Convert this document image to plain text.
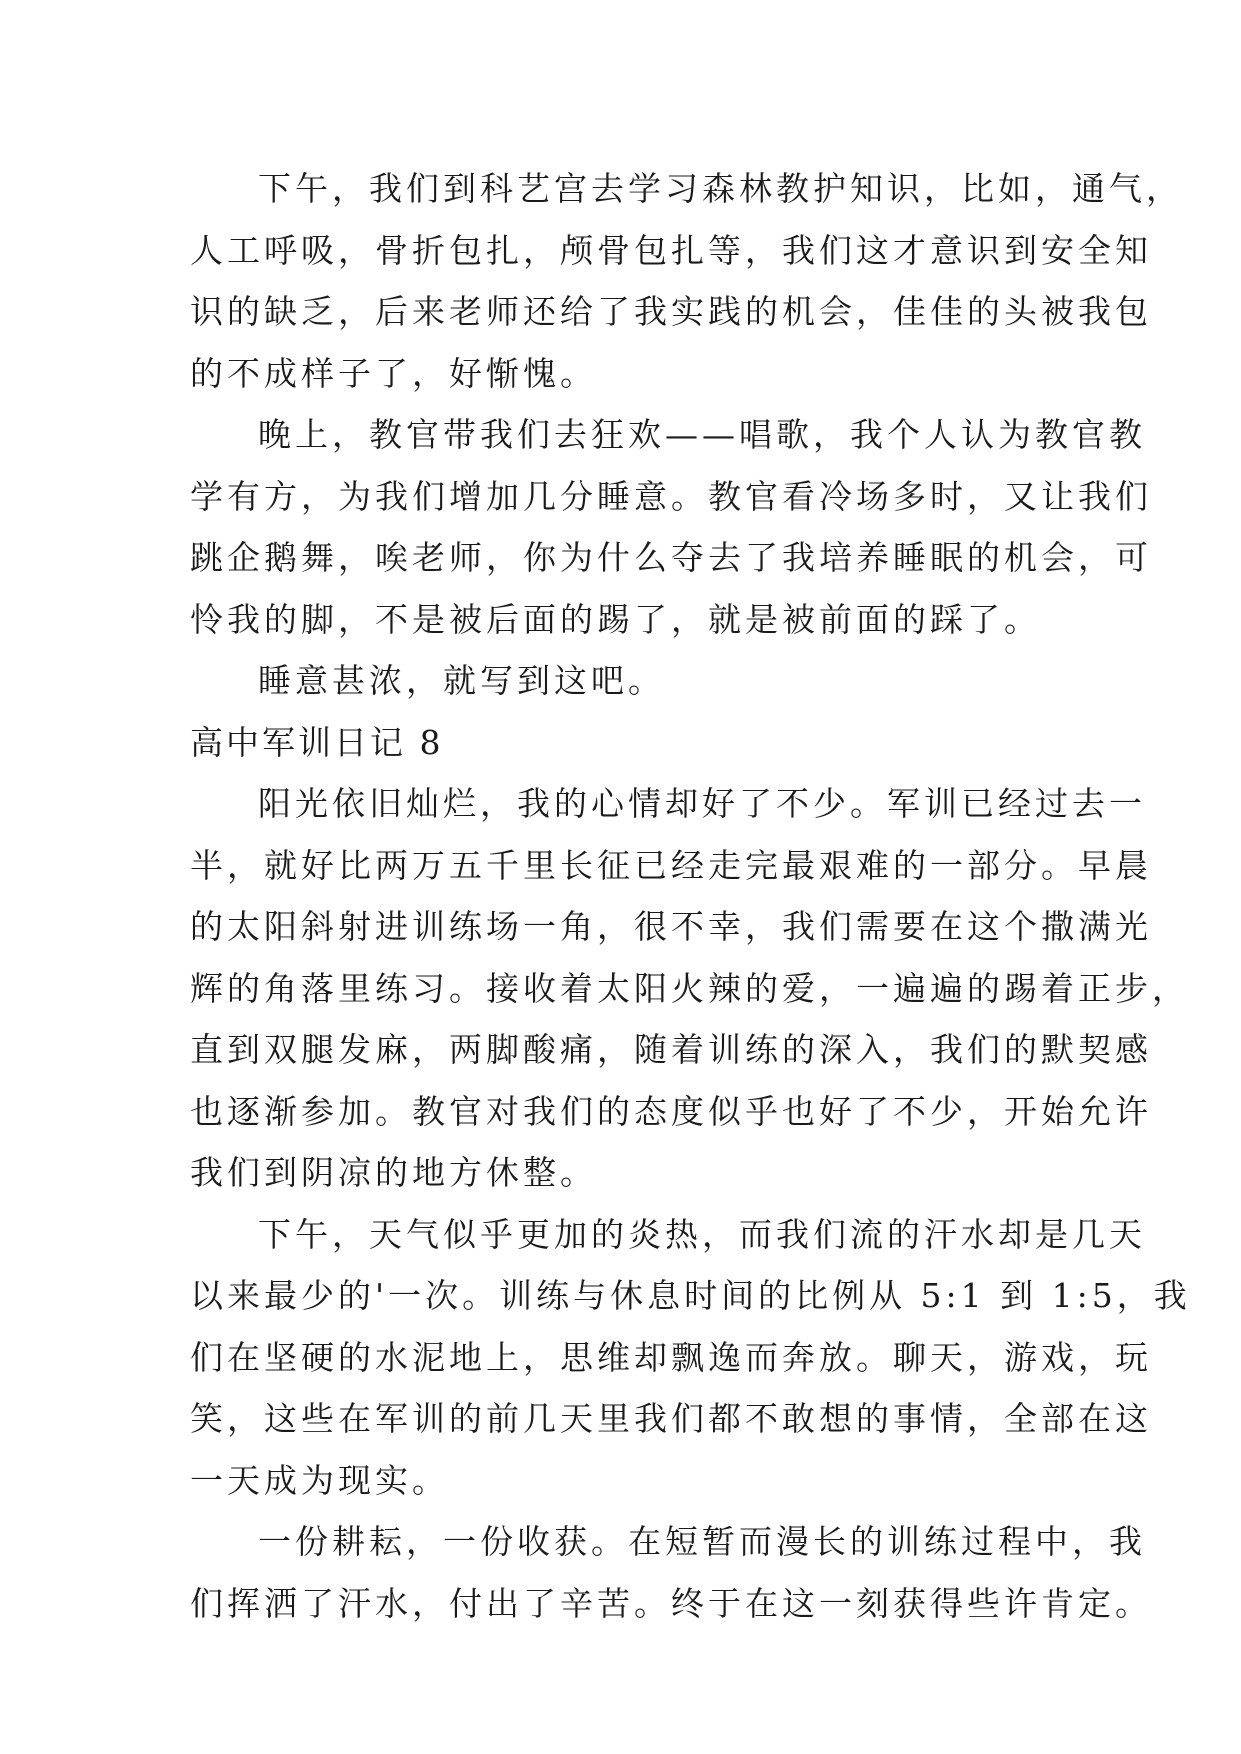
下午，我们到科艺宫去学习森林教护知识，比如，通气，
人工呼吸，骨折包扎，颅骨包扎等，我们这才意识到安全知
识的缺乏，后来老师还给了我实践的机会，佳佳的头被我包
的不成样子了，好惭愧。
晚上，教官带我们去狂欢——唱歌，我个人认为教官教
学有方，为我们增加几分睡意。教官看冷场多时，又让我们
跳企鹅舞，唉老师，你为什么夺去了我培养睡眠的机会，可
怜我的脚，不是被后面的踢了，就是被前面的踩了。
睡意甚浓，就写到这吧。
高中军训日记 8
阳光依旧灿烂，我的心情却好了不少。军训已经过去一
半，就好比两万五千里长征已经走完最艰难的一部分。早晨
的太阳斜射进训练场一角，很不幸，我们需要在这个撒满光
辉的角落里练习。接收着太阳火辣的爱，一遍遍的踢着正步，
直到双腿发麻，两脚酸痛，随着训练的深入，我们的默契感
也逐渐参加。教官对我们的态度似乎也好了不少，开始允许
我们到阴凉的地方休整。
下午，天气似乎更加的炎热，而我们流的汗水却是几天
以来最少的'一次。训练与休息时间的比例从 5:1 到 1:5，我
们在坚硬的水泥地上，思维却飘逸而奔放。聊天，游戏，玩
笑，这些在军训的前几天里我们都不敢想的事情，全部在这
一天成为现实。
一份耕耘，一份收获。在短暂而漫长的训练过程中，我
们挥洒了汗水，付出了辛苦。终于在这一刻获得些许肯定。
